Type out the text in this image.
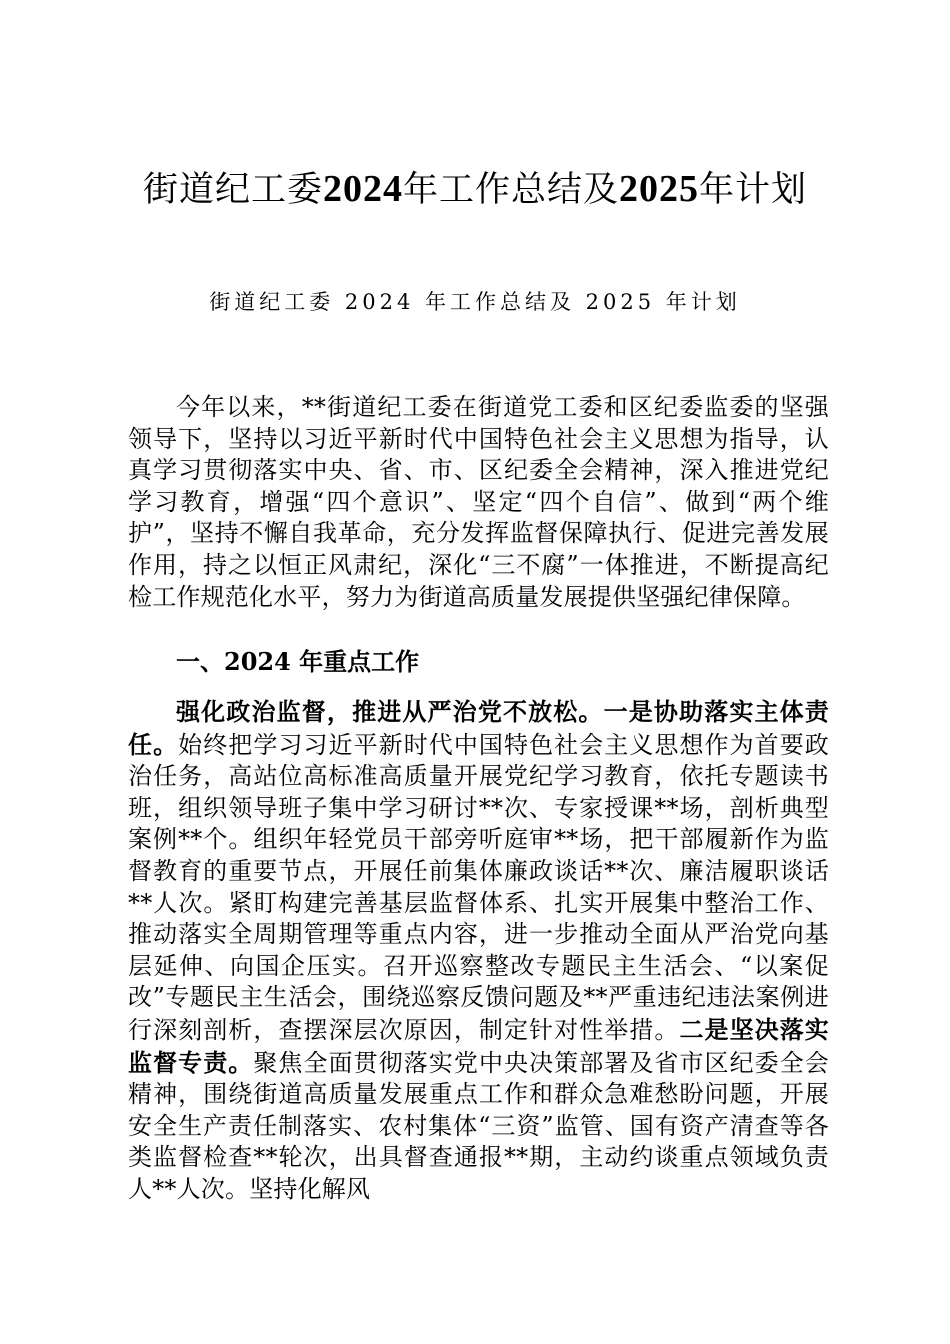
街道纪工委2024年工作总结及2025年计划
街道纪工委 2024 年工作总结及 2025 年计划

今年以来，**街道纪工委在街道党工委和区纪委监委的坚强领导下，坚持以习近平新时代中国特色社会主义思想为指导，认真学习贯彻落实中央、省、市、区纪委全会精神，深入推进党纪学习教育，增强“四个意识”、坚定“四个自信”、做到“两个维护”，坚持不懈自我革命，充分发挥监督保障执行、促进完善发展作用，持之以恒正风肃纪，深化“三不腐”一体推进，不断提高纪检工作规范化水平，努力为街道高质量发展提供坚强纪律保障。

一、2024 年重点工作

强化政治监督，推进从严治党不放松。一是协助落实主体责任。始终把学习习近平新时代中国特色社会主义思想作为首要政治任务，高站位高标准高质量开展党纪学习教育，依托专题读书班，组织领导班子集中学习研讨**次、专家授课**场，剖析典型案例**个。组织年轻党员干部旁听庭审**场，把干部履新作为监督教育的重要节点，开展任前集体廉政谈话**次、廉洁履职谈话**人次。紧盯构建完善基层监督体系、扎实开展集中整治工作、推动落实全周期管理等重点内容，进一步推动全面从严治党向基层延伸、向国企压实。召开巡察整改专题民主生活会、“以案促改”专题民主生活会，围绕巡察反馈问题及**严重违纪违法案例进行深刻剖析，查摆深层次原因，制定针对性举措。二是坚决落实监督专责。聚焦全面贯彻落实党中央决策部署及省市区纪委全会精神，围绕街道高质量发展重点工作和群众急难愁盼问题，开展安全生产责任制落实、农村集体“三资”监管、国有资产清查等各类监督检查**轮次，出具督查通报**期，主动约谈重点领域负责人**人次。坚持化解风
